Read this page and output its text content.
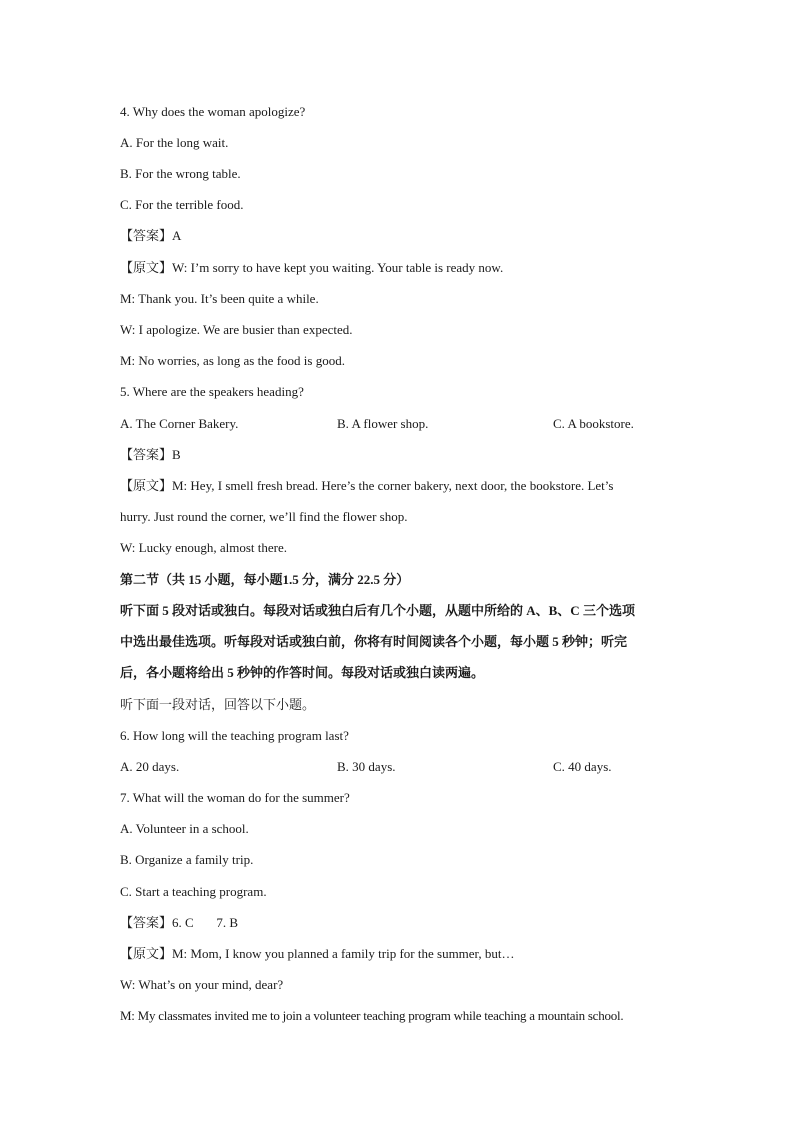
4. Why does the woman apologize?
A. For the long wait.
B. For the wrong table.
C. For the terrible food.
【答案】A
【原文】W: I’m sorry to have kept you waiting. Your table is ready now.
M: Thank you. It’s been quite a while.
W: I apologize. We are busier than expected.
M: No worries, as long as the food is good.
5. Where are the speakers heading?
A. The Corner Bakery.	B. A flower shop.	C. A bookstore.
【答案】B
【原文】M: Hey, I smell fresh bread. Here’s the corner bakery, next door, the bookstore. Let’s
hurry. Just round the corner, we’ll find the flower shop.
W: Lucky enough, almost there.
第二节（共 15 小题，每小题1.5 分，满分 22.5 分）
听下面 5 段对话或独白。每段对话或独白后有几个小题，从题中所给的 A、B、C 三个选项
中选出最佳选项。听每段对话或独白前，你将有时间阅读各个小题，每小题 5 秒钟；听完
后，各小题将给出 5 秒钟的作答时间。每段对话或独白读两遍。
听下面一段对话，回答以下小题。
6. How long will the teaching program last?
A. 20 days.	B. 30 days.	C. 40 days.
7. What will the woman do for the summer?
A. Volunteer in a school.
B. Organize a family trip.
C. Start a teaching program.
【答案】6. C       7. B
【原文】M: Mom, I know you planned a family trip for the summer, but…
W: What’s on your mind, dear?
M: My classmates invited me to join a volunteer teaching program while teaching a mountain school.
